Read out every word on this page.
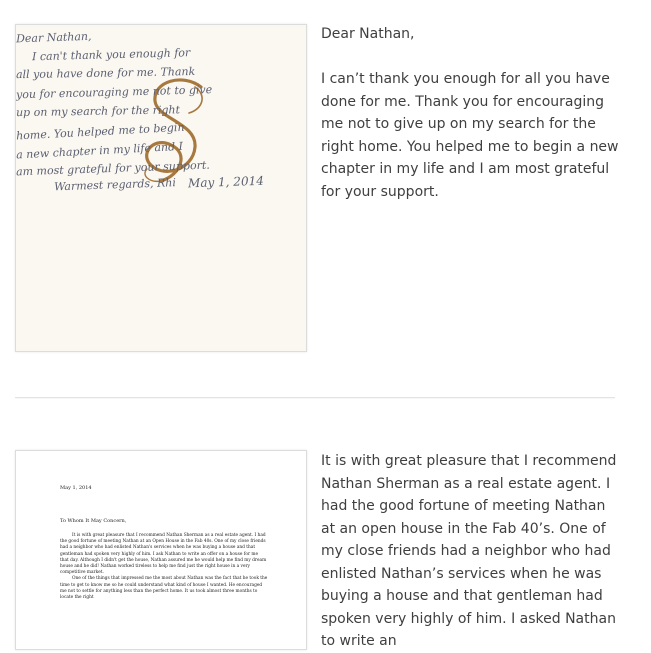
May 1, 2014
Dear Nathan,
I can't thank you enough for
all you have done for me. Thank
you for encouraging me not to give
up on my search for the right
home. You helped me to begin
a new chapter in my life and I
am most grateful for your support.
Warmest regards, Rhi

Dear Nathan,

I can’t thank you enough for all you have done for me. Thank you for encouraging me not to give up on my search for the right home. You helped me to begin a new chapter in my life and I am most grateful for your support.

May 1, 2014
To Whom It May Concern,

It is with great pleasure that I recommend Nathan Sherman as a real estate agent. I had the good fortune of meeting Nathan at an Open House in the Fab 40s. One of my close friends had a neighbor who had enlisted Nathan's services when he was buying a house and that gentleman had spoken very highly of him. I ask Nathan to write an offer on a house for me that day. Although I didn't get the house, Nathan assured me he would help me find my dream house and he did! Nathan worked tireless to help me find just the right house in a very competitive market.

One of the things that impressed me the most about Nathan was the fact that he took the time to get to know me so he could understand what kind of house I wanted. He encouraged me not to settle for anything less than the perfect home. It us took almost three months to locate the right

It is with great pleasure that I recommend Nathan Sherman as a real estate agent. I had the good fortune of meeting Nathan at an open house in the Fab 40’s. One of my close friends had a neighbor who had enlisted Nathan’s services when he was buying a house and that gentleman had spoken very highly of him. I asked Nathan to write an
